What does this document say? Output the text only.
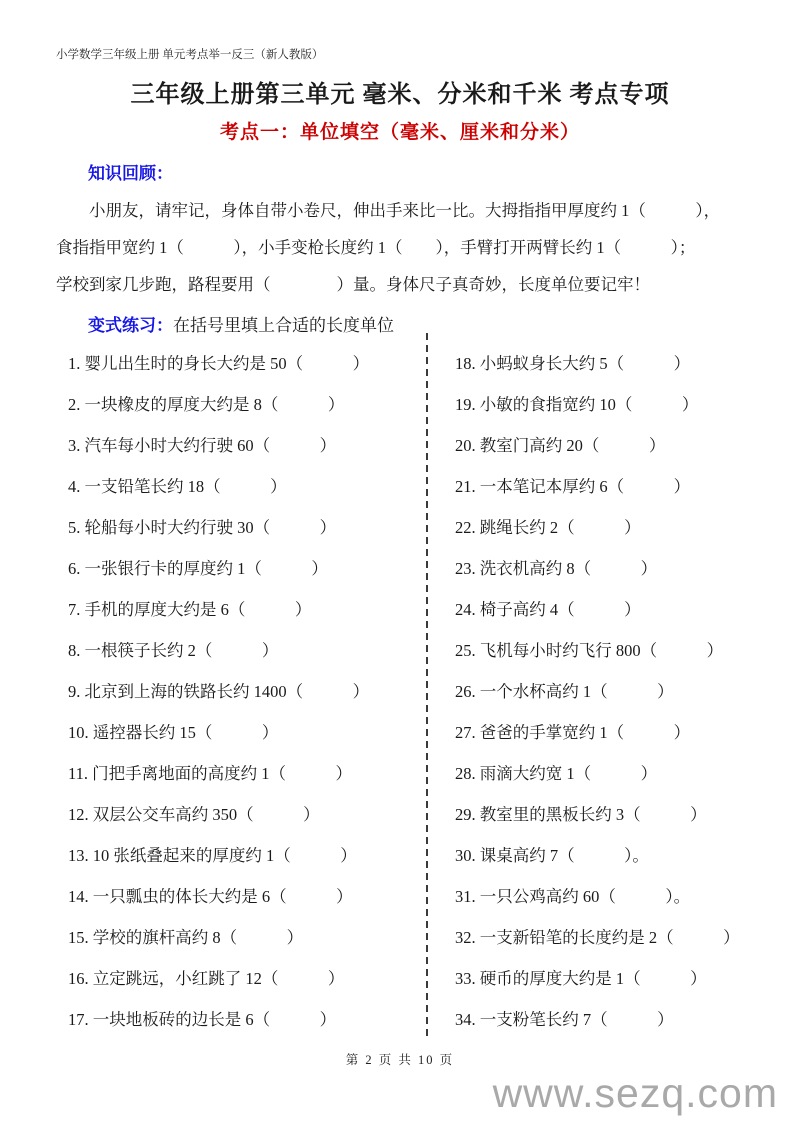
小学数学三年级上册 单元考点举一反三（新人教版）
三年级上册第三单元 毫米、分米和千米 考点专项
考点一：单位填空（毫米、厘米和分米）
知识回顾：
小朋友，请牢记，身体自带小卷尺，伸出手来比一比。大拇指指甲厚度约 1（　　　），
食指指甲宽约 1（　　　），小手变枪长度约 1（　　），手臂打开两臂长约 1（　　　）；
学校到家几步跑，路程要用（　　　　）量。身体尺子真奇妙，长度单位要记牢！
变式练习：在括号里填上合适的长度单位
1. 婴儿出生时的身长大约是 50（　　　）
2. 一块橡皮的厚度大约是 8（　　　）
3. 汽车每小时大约行驶 60（　　　）
4. 一支铅笔长约 18（　　　）
5. 轮船每小时大约行驶 30（　　　）
6. 一张银行卡的厚度约 1（　　　）
7. 手机的厚度大约是 6（　　　）
8. 一根筷子长约 2（　　　）
9. 北京到上海的铁路长约 1400（　　　）
10. 遥控器长约 15（　　　）
11. 门把手离地面的高度约 1（　　　）
12. 双层公交车高约 350（　　　）
13. 10 张纸叠起来的厚度约 1（　　　）
14. 一只瓢虫的体长大约是 6（　　　）
15. 学校的旗杆高约 8（　　　）
16. 立定跳远，小红跳了 12（　　　）
17. 一块地板砖的边长是 6（　　　）
18. 小蚂蚁身长大约 5（　　　）
19. 小敏的食指宽约 10（　　　）
20. 教室门高约 20（　　　）
21. 一本笔记本厚约 6（　　　）
22. 跳绳长约 2（　　　）
23. 洗衣机高约 8（　　　）
24. 椅子高约 4（　　　）
25. 飞机每小时约飞行 800（　　　）
26. 一个水杯高约 1（　　　）
27. 爸爸的手掌宽约 1（　　　）
28. 雨滴大约宽 1（　　　）
29. 教室里的黑板长约 3（　　　）
30. 课桌高约 7（　　　）。
31. 一只公鸡高约 60（　　　）。
32. 一支新铅笔的长度约是 2（　　　）
33. 硬币的厚度大约是 1（　　　）
34. 一支粉笔长约 7（　　　）
第 2 页 共 10 页
www.sezq.com
